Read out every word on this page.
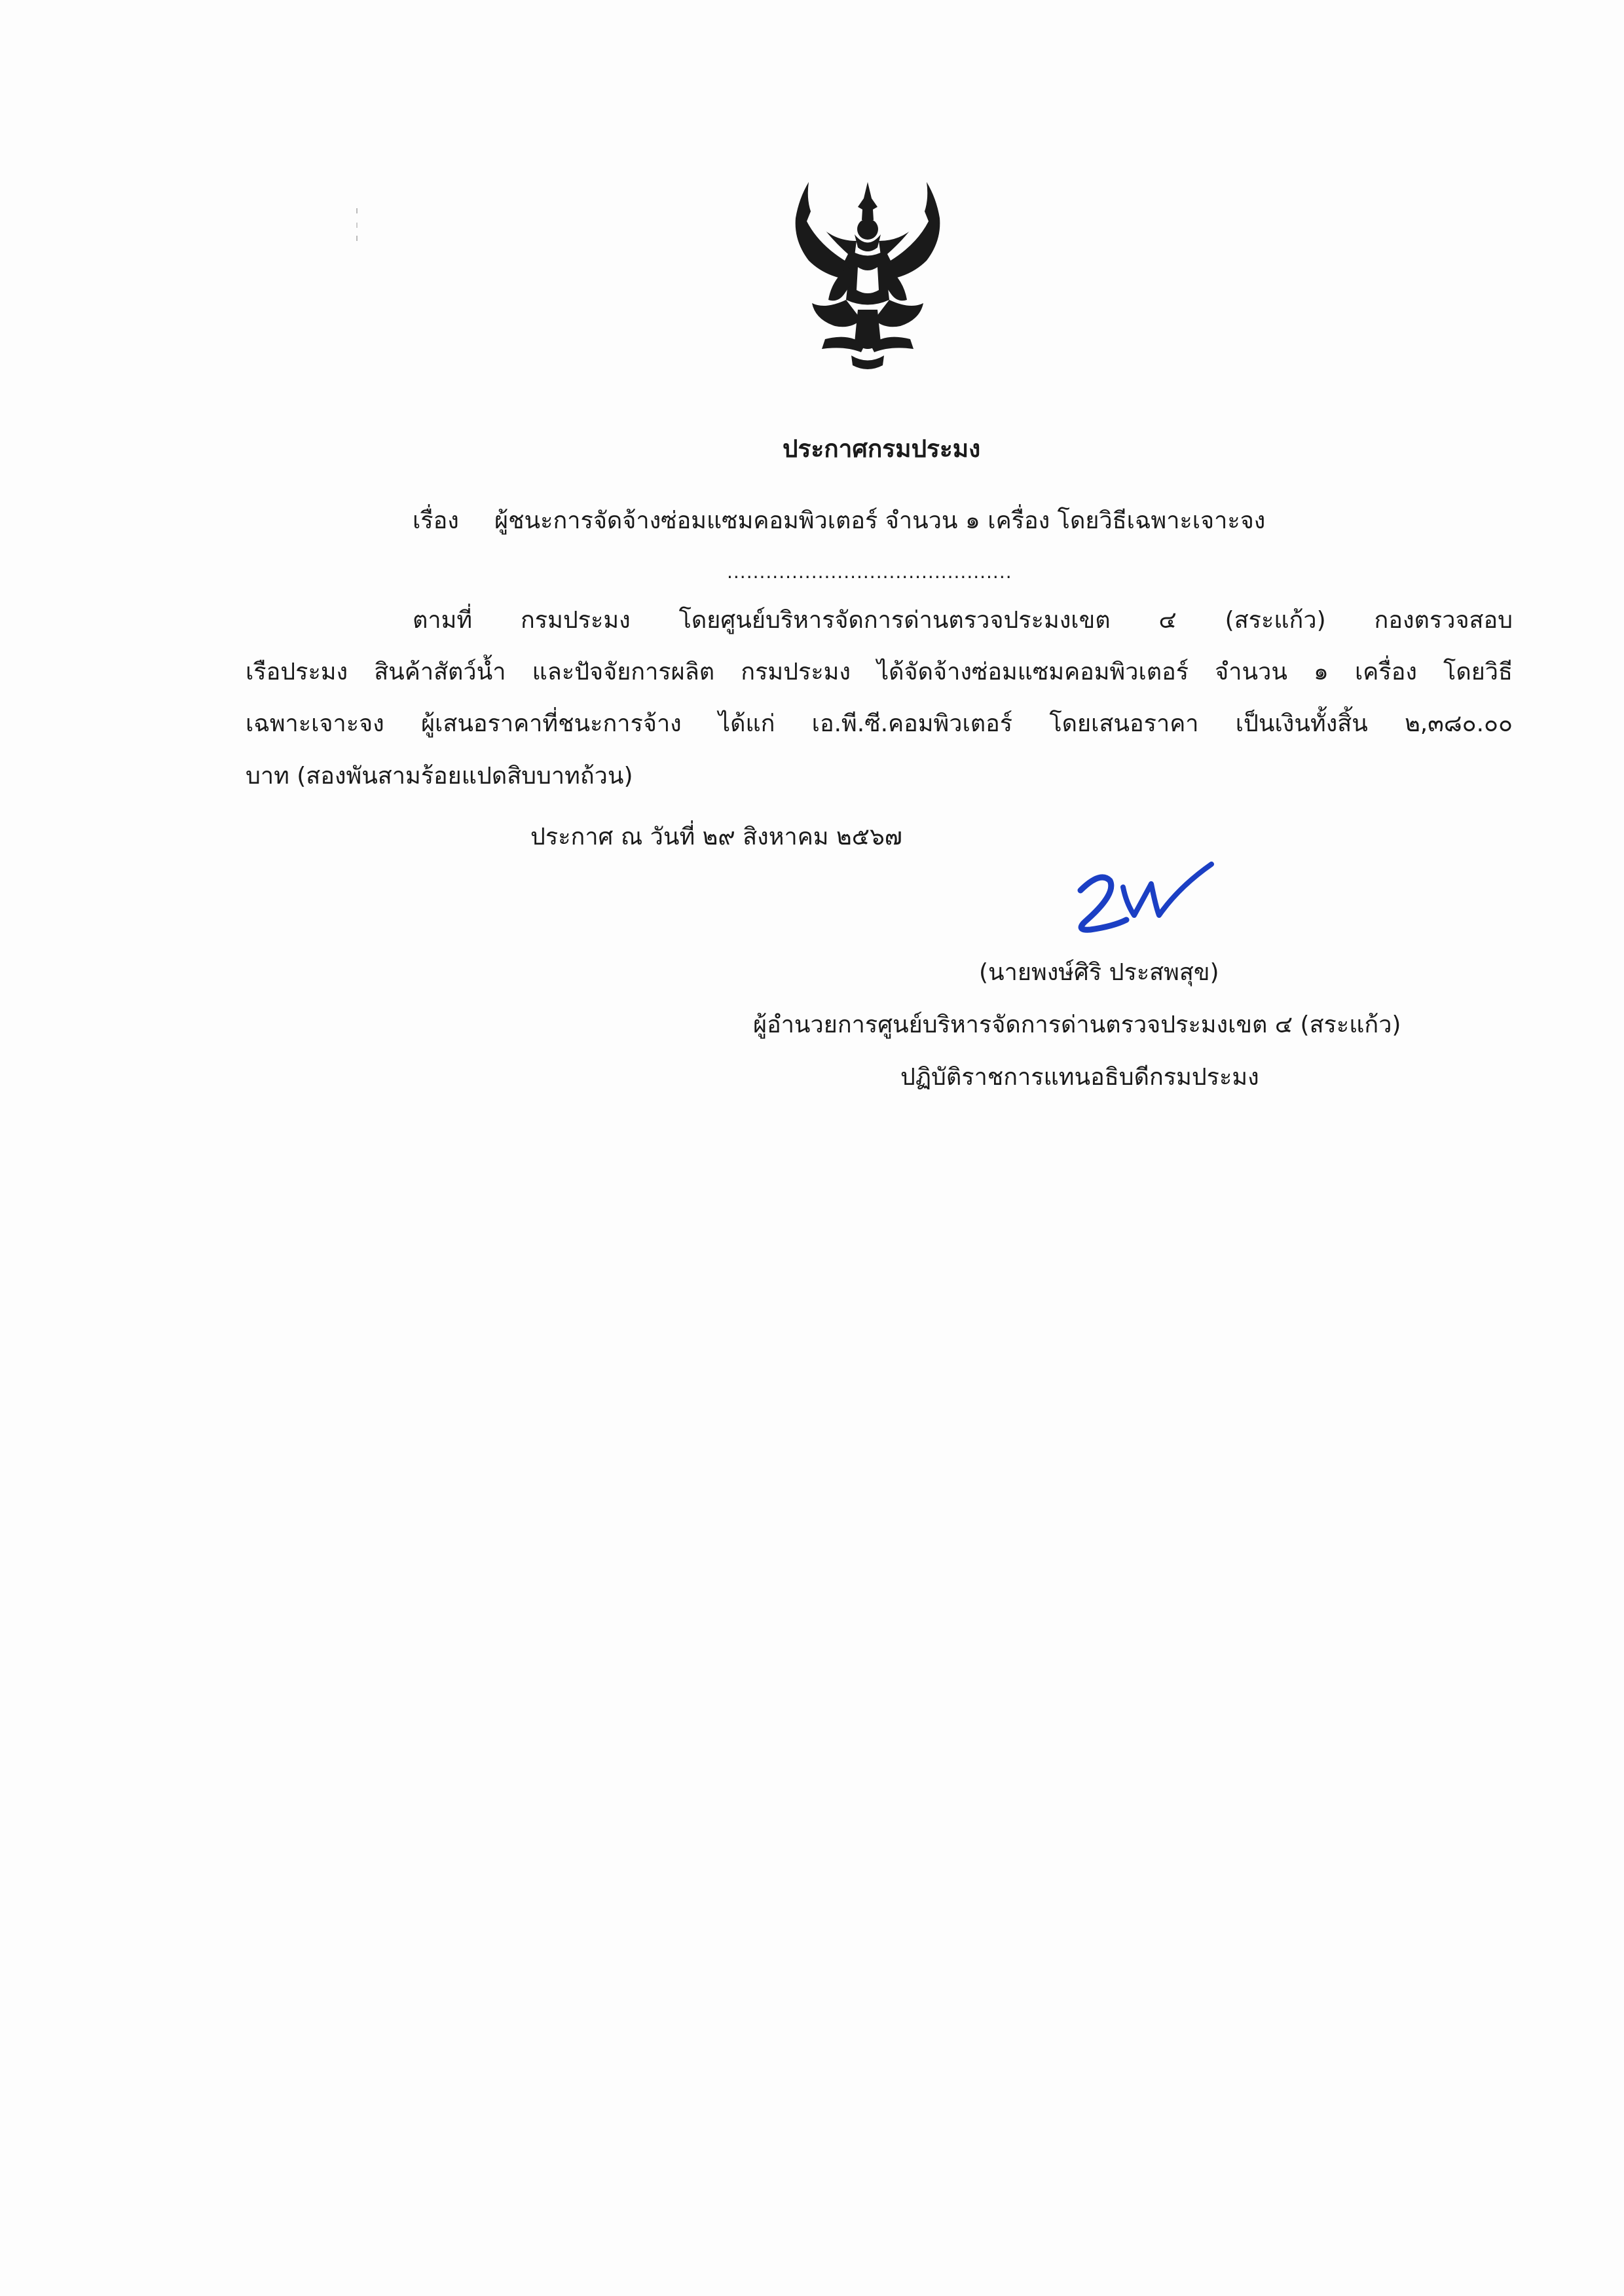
ประกาศกรมประมง
เรื่อง ผู้ชนะการจัดจ้างซ่อมแซมคอมพิวเตอร์ จำนวน ๑ เครื่อง โดยวิธีเฉพาะเจาะจง
............................................
ตามที่ กรมประมง โดยศูนย์บริหารจัดการด่านตรวจประมงเขต ๔ (สระแก้ว) กองตรวจสอบ
เรือประมง สินค้าสัตว์น้ำ และปัจจัยการผลิต กรมประมง ได้จัดจ้างซ่อมแซมคอมพิวเตอร์ จำนวน ๑ เครื่อง โดยวิธี
เฉพาะเจาะจง ผู้เสนอราคาที่ชนะการจ้าง ได้แก่ เอ.พี.ซี.คอมพิวเตอร์ โดยเสนอราคา เป็นเงินทั้งสิ้น ๒,๓๘๐.๐๐
บาท (สองพันสามร้อยแปดสิบบาทถ้วน)
ประกาศ ณ วันที่ ๒๙ สิงหาคม ๒๕๖๗
(นายพงษ์ศิริ ประสพสุข)
ผู้อำนวยการศูนย์บริหารจัดการด่านตรวจประมงเขต ๔ (สระแก้ว)
ปฏิบัติราชการแทนอธิบดีกรมประมง
